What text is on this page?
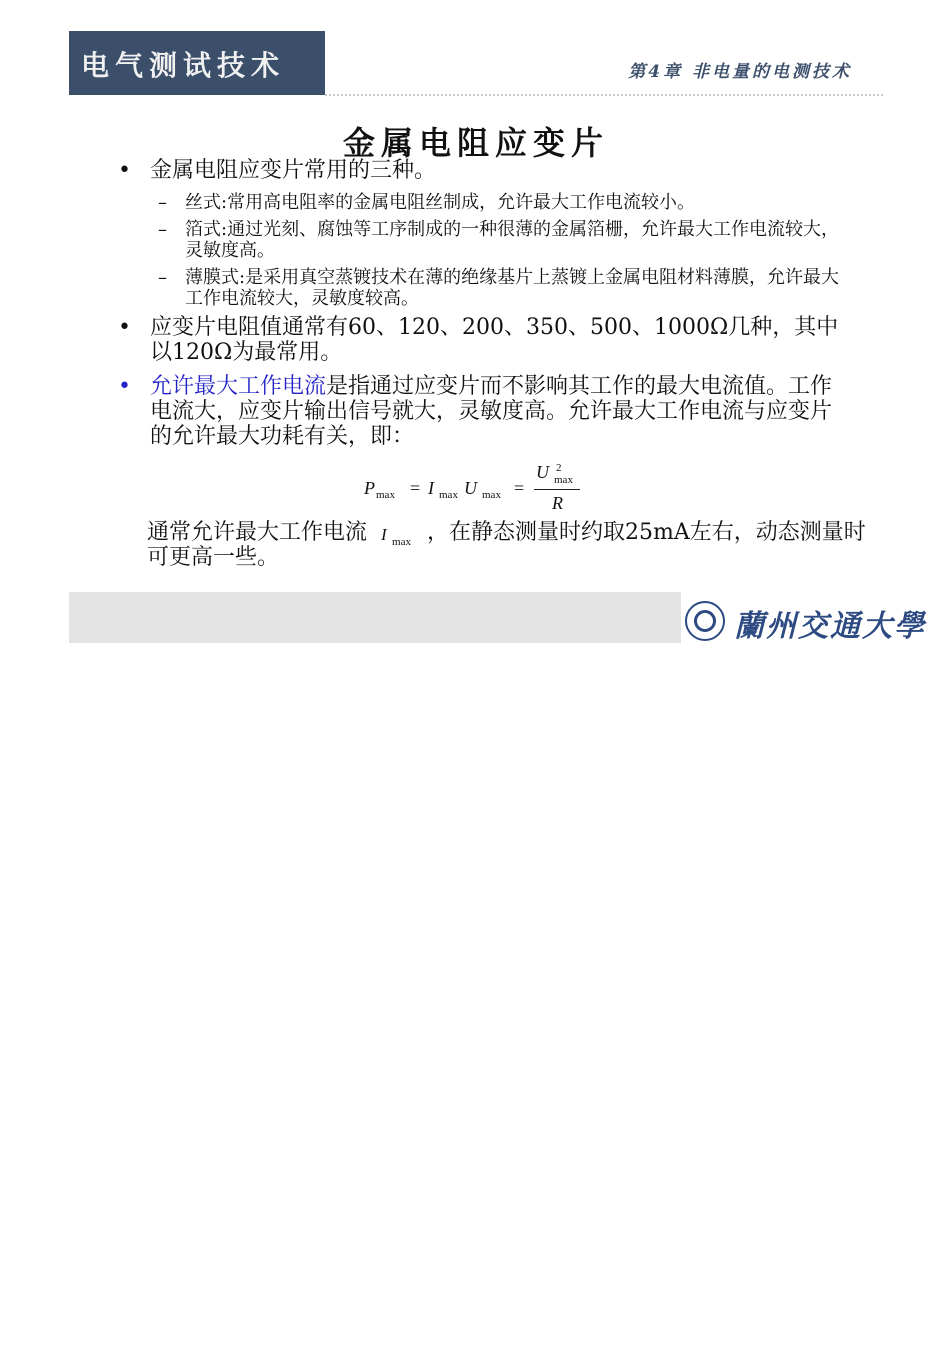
电气测试技术	第4章 非电量的电测技术
金属电阻应变片
• 金属电阻应变片常用的三种。
– 丝式:常用高电阻率的金属电阻丝制成，允许最大工作电流较小。
– 箔式:通过光刻、腐蚀等工序制成的一种很薄的金属箔栅，允许最大工作电流较大，灵敏度高。
– 薄膜式:是采用真空蒸镀技术在薄的绝缘基片上蒸镀上金属电阻材料薄膜，允许最大工作电流较大，灵敏度较高。
• 应变片电阻值通常有60、120、200、350、500、1000Ω几种，其中以120Ω为最常用。
• 允许最大工作电流是指通过应变片而不影响其工作的最大电流值。工作电流大，应变片输出信号就大，灵敏度高。允许最大工作电流与应变片的允许最大功耗有关，即：
P max = I max U max =
U 2
max
R
通常允许最大工作电流 I max ，在静态测量时约取25mA左右，动态测量时可更高一些。
蘭州交通大學
